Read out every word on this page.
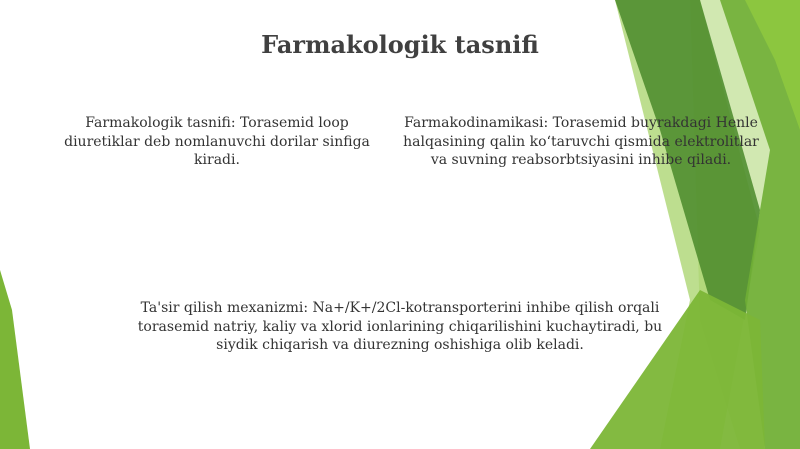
Farmakologik tasnifi
Farmakologik tasnifi: Torasemid loop diuretiklar deb nomlanuvchi dorilar sinfiga kiradi.
Farmakodinamikasi: Torasemid buyrakdagi Henle halqasining qalin ko‘taruvchi qismida elektrolitlar va suvning reabsorbtsiyasini inhibe qiladi.
Ta'sir qilish mexanizmi: Na+/K+/2Cl-kotransporterini inhibe qilish orqali torasemid natriy, kaliy va xlorid ionlarining chiqarilishini kuchaytiradi, bu siydik chiqarish va diurezning oshishiga olib keladi.
